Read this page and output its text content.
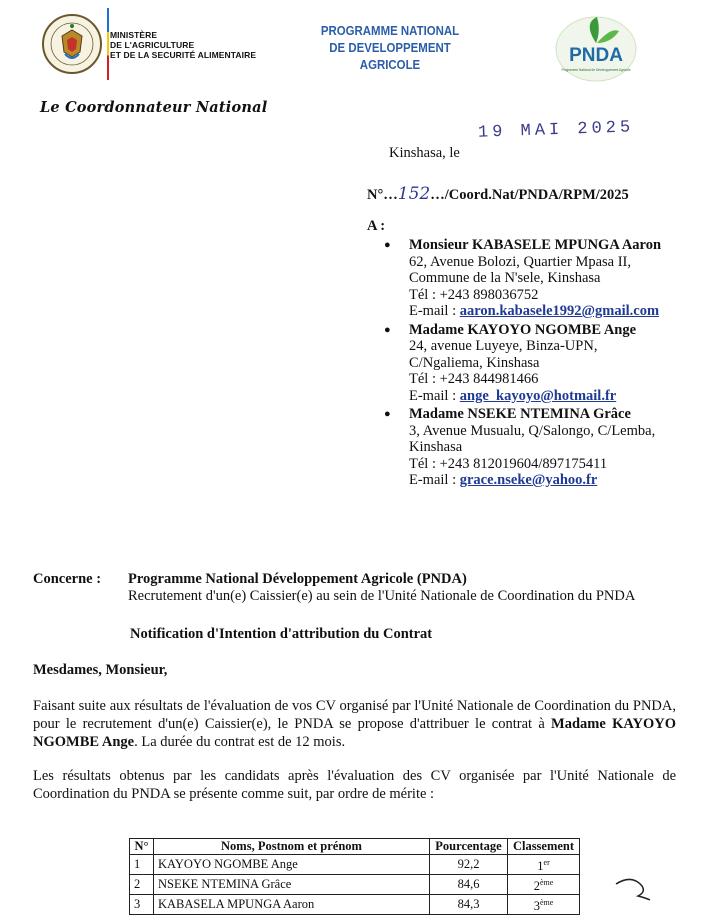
MINISTÈRE
DE L'AGRICULTURE
ET DE LA SECURITÉ ALIMENTAIRE
PROGRAMME NATIONAL
DE DEVELOPPEMENT
AGRICOLE	PNDA
Programme National de Développement Agricole
Le Coordonnateur National
Kinshasa, le
19 MAI 2025
N°…152…/Coord.Nat/PNDA/RPM/2025
A :
● Monsieur KABASELE MPUNGA Aaron
62, Avenue Bolozi, Quartier Mpasa II,
Commune de la N'sele, Kinshasa
Tél : +243 898036752
E-mail : aaron.kabasele1992@gmail.com
● Madame KAYOYO NGOMBE Ange
24, avenue Luyeye, Binza-UPN,
C/Ngaliema, Kinshasa
Tél : +243 844981466
E-mail : ange_kayoyo@hotmail.fr
● Madame NSEKE NTEMINA Grâce
3, Avenue Musualu, Q/Salongo, C/Lemba,
Kinshasa
Tél : +243 812019604/897175411
E-mail : grace.nseke@yahoo.fr
Concerne : Programme National Développement Agricole (PNDA)
Recrutement d'un(e) Caissier(e) au sein de l'Unité Nationale de Coordination du PNDA
Notification d'Intention d'attribution du Contrat
Mesdames, Monsieur,
Faisant suite aux résultats de l'évaluation de vos CV organisé par l'Unité Nationale de Coordination du PNDA, pour le recrutement d'un(e) Caissier(e), le PNDA se propose d'attribuer le contrat à Madame KAYOYO NGOMBE Ange. La durée du contrat est de 12 mois.
Les résultats obtenus par les candidats après l'évaluation des CV organisée par l'Unité Nationale de Coordination du PNDA se présente comme suit, par ordre de mérite :
N°	Noms, Postnom et prénom	Pourcentage	Classement
1	KAYOYO NGOMBE Ange	92,2	1er
2	NSEKE NTEMINA Grâce	84,6	2ème
3	KABASELA MPUNGA Aaron	84,3	3ème
